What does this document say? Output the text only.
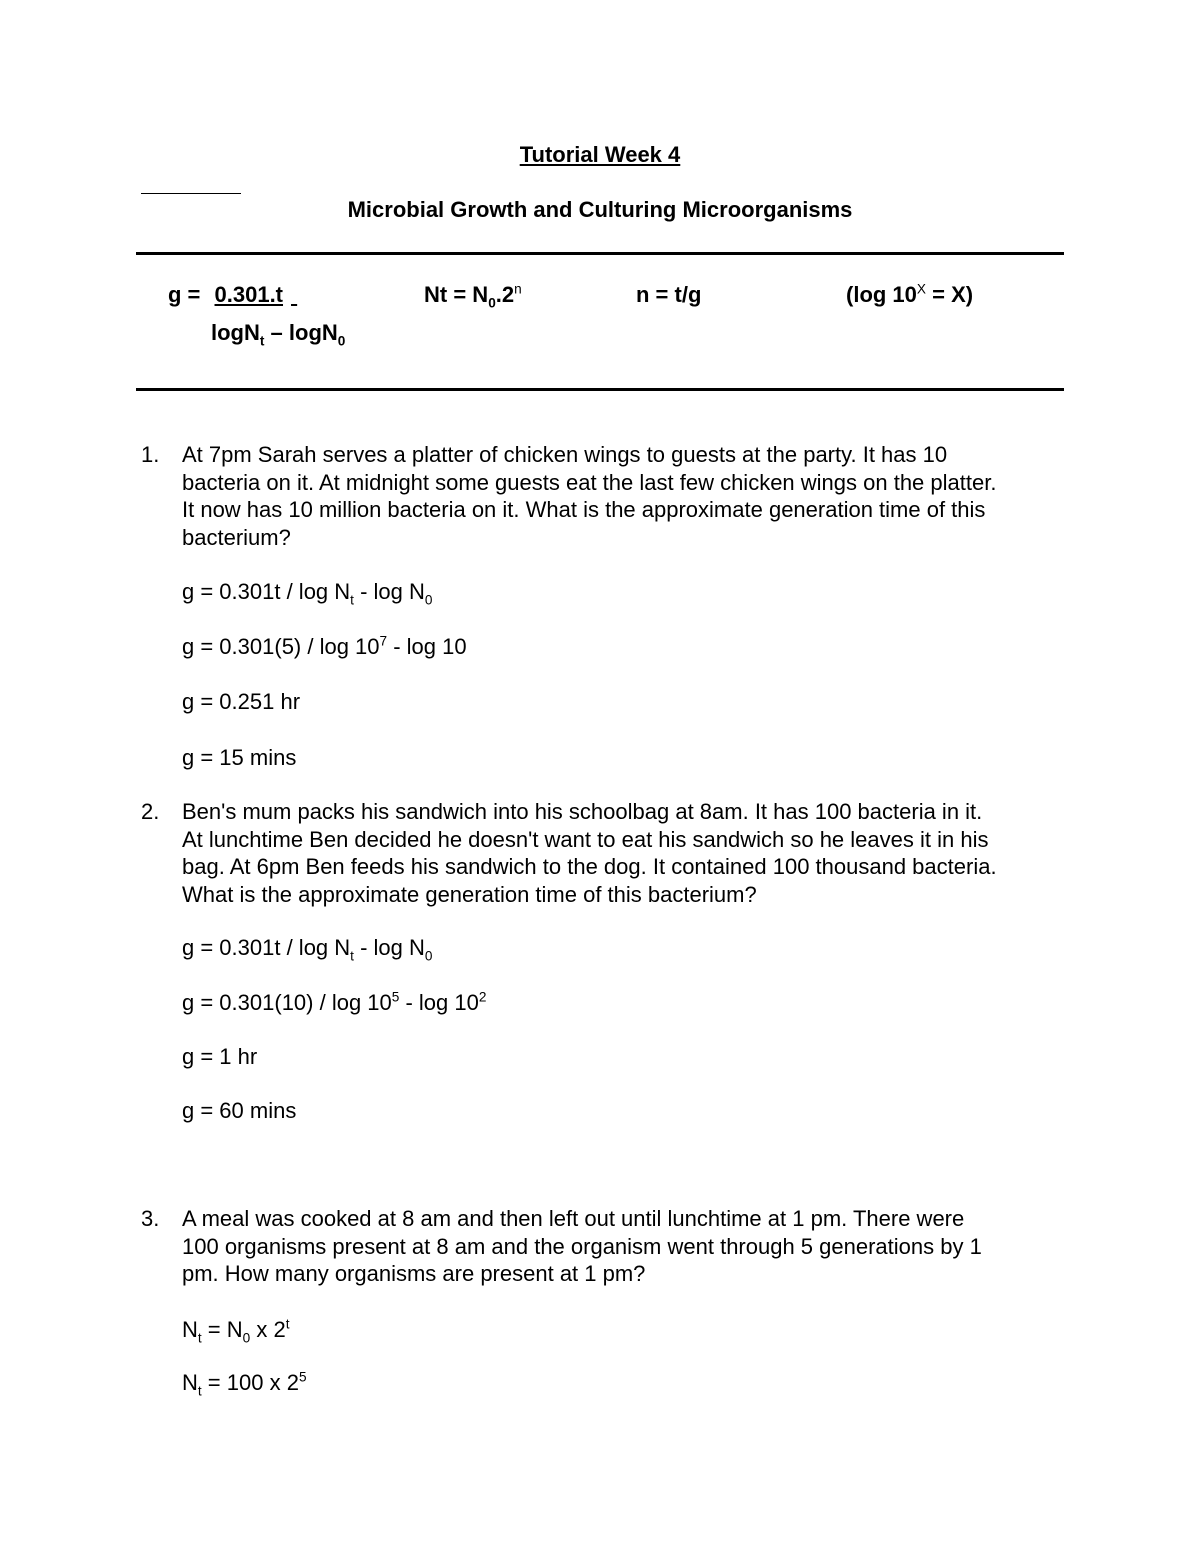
Tutorial Week 4
Microbial Growth and Culturing Microorganisms
g = 0.301.t	$Nt = N_0.2^n$	n = t/g	(log $10^X = X$)
logN$_t$ – logN$_0$
1. At 7pm Sarah serves a platter of chicken wings to guests at the party. It has 10
bacteria on it. At midnight some guests eat the last few chicken wings on the platter.
It now has 10 million bacteria on it. What is the approximate generation time of this
bacterium?
$g = 0.301t / \log N_t - \log N_0$
$g = 0.301(5) / \log 10^7 - \log 10$
g = 0.251 hr
g = 15 mins
2. Ben's mum packs his sandwich into his schoolbag at 8am. It has 100 bacteria in it.
At lunchtime Ben decided he doesn't want to eat his sandwich so he leaves it in his
bag. At 6pm Ben feeds his sandwich to the dog. It contained 100 thousand bacteria.
What is the approximate generation time of this bacterium?
$g = 0.301t / \log N_t - \log N_0$
$g = 0.301(10) / \log 10^5 - \log 10^2$
g = 1 hr
g = 60 mins
3. A meal was cooked at 8 am and then left out until lunchtime at 1 pm. There were
100 organisms present at 8 am and the organism went through 5 generations by 1
pm. How many organisms are present at 1 pm?
$N_t = N_0$ x 2$^t$
$N_t = 100$ x $2^5$
